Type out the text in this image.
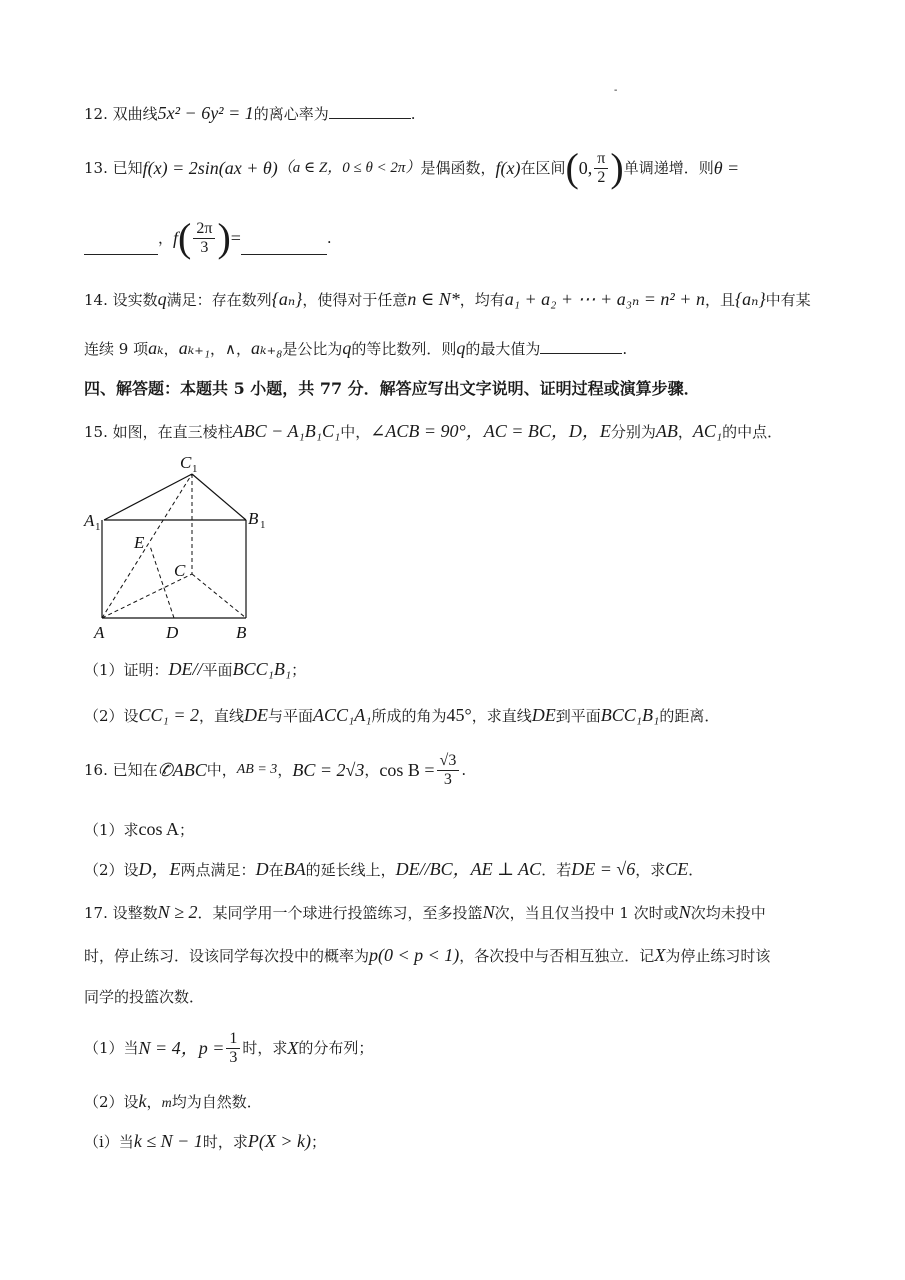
-
12. 双曲线5x² − 6y² = 1的离心率为	.
13.
已知 f(x) = 2sin(ax + θ) （a ∈ Z，0 ≤ θ < 2π） 是偶函数， f(x) 在区间 ( 0, $\frac{\pi}{2}$ ) 单调递增．则 θ =
， f ( $\frac{2\pi}{3}$ ) =	.
14. 设实数q满足：存在数列{aₙ}，使得对于任意n ∈ N*，均有a₁ + a₂ + ⋯ + a₃ₙ = n² + n，且{aₙ}中有某
连续 9 项aₖ，aₖ₊₁，∧，aₖ₊₈是公比为q的等比数列．则q的最大值为	.
四、解答题：本题共 5 小题，共 77 分．解答应写出文字说明、证明过程或演算步骤．
15. 如图，在直三棱柱ABC − A₁B₁C₁中，∠ACB = 90°，AC = BC，D，E分别为AB，AC₁的中点．
C 1
A 1	B 1
E
C
A	D	B
（1）证明：DE//平面BCC₁B₁；
（2）设CC₁ = 2，直线DE与平面ACC₁A₁所成的角为45°，求直线DE到平面BCC₁B₁的距离．
16.
已知在 ✆ABC 中， AB = 3 ， BC = 2√3 ， $\cos B = \frac{√3}{3}$ .
（1）求cos A；
（2）设D，E两点满足：D在BA的延长线上，DE//BC，AE ⊥ AC．若DE = √6，求CE．
17. 设整数N ≥ 2．某同学用一个球进行投篮练习，至多投篮N次，当且仅当投中 1 次时或N次均未投中
时，停止练习．设该同学每次投中的概率为p(0 < p < 1)，各次投中与否相互独立．记X为停止练习时该
同学的投篮次数．
（1）当 N = 4 ，$p = \frac{1}{3}$ 时，求 X 的分布列；
（2）设k，m均为自然数．
（i）当k ≤ N − 1时，求P(X > k)；
